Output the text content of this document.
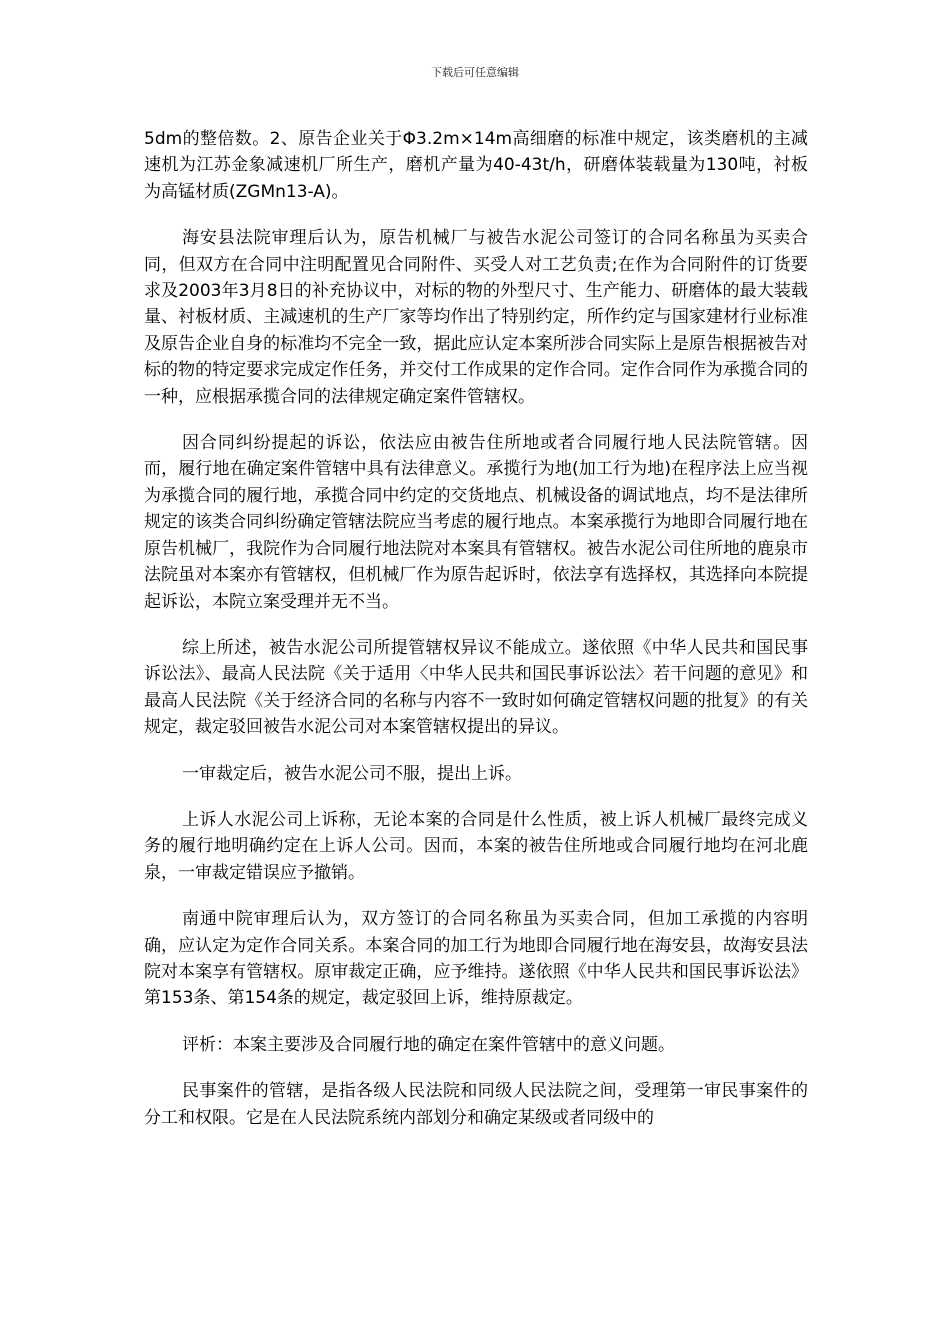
下载后可任意编辑

5dm的整倍数。2、原告企业关于Φ3.2m×14m高细磨的标准中规定，该类磨机的主减速机为江苏金象减速机厂所生产，磨机产量为40-43t/h，研磨体装载量为130吨，衬板为高锰材质(ZGMn13-A)。

海安县法院审理后认为，原告机械厂与被告水泥公司签订的合同名称虽为买卖合同，但双方在合同中注明配置见合同附件、买受人对工艺负责;在作为合同附件的订货要求及2003年3月8日的补充协议中，对标的物的外型尺寸、生产能力、研磨体的最大装载量、衬板材质、主减速机的生产厂家等均作出了特别约定，所作约定与国家建材行业标准及原告企业自身的标准均不完全一致，据此应认定本案所涉合同实际上是原告根据被告对标的物的特定要求完成定作任务，并交付工作成果的定作合同。定作合同作为承揽合同的一种，应根据承揽合同的法律规定确定案件管辖权。

因合同纠纷提起的诉讼，依法应由被告住所地或者合同履行地人民法院管辖。因而，履行地在确定案件管辖中具有法律意义。承揽行为地(加工行为地)在程序法上应当视为承揽合同的履行地，承揽合同中约定的交货地点、机械设备的调试地点，均不是法律所规定的该类合同纠纷确定管辖法院应当考虑的履行地点。本案承揽行为地即合同履行地在原告机械厂，我院作为合同履行地法院对本案具有管辖权。被告水泥公司住所地的鹿泉市法院虽对本案亦有管辖权，但机械厂作为原告起诉时，依法享有选择权，其选择向本院提起诉讼，本院立案受理并无不当。

综上所述，被告水泥公司所提管辖权异议不能成立。遂依照《中华人民共和国民事诉讼法》、最高人民法院《关于适用〈中华人民共和国民事诉讼法〉若干问题的意见》和最高人民法院《关于经济合同的名称与内容不一致时如何确定管辖权问题的批复》的有关规定，裁定驳回被告水泥公司对本案管辖权提出的异议。

一审裁定后，被告水泥公司不服，提出上诉。

上诉人水泥公司上诉称，无论本案的合同是什么性质，被上诉人机械厂最终完成义务的履行地明确约定在上诉人公司。因而，本案的被告住所地或合同履行地均在河北鹿泉，一审裁定错误应予撤销。

南通中院审理后认为，双方签订的合同名称虽为买卖合同，但加工承揽的内容明确，应认定为定作合同关系。本案合同的加工行为地即合同履行地在海安县，故海安县法院对本案享有管辖权。原审裁定正确，应予维持。遂依照《中华人民共和国民事诉讼法》第153条、第154条的规定，裁定驳回上诉，维持原裁定。

评析：本案主要涉及合同履行地的确定在案件管辖中的意义问题。

民事案件的管辖，是指各级人民法院和同级人民法院之间，受理第一审民事案件的分工和权限。它是在人民法院系统内部划分和确定某级或者同级中的
